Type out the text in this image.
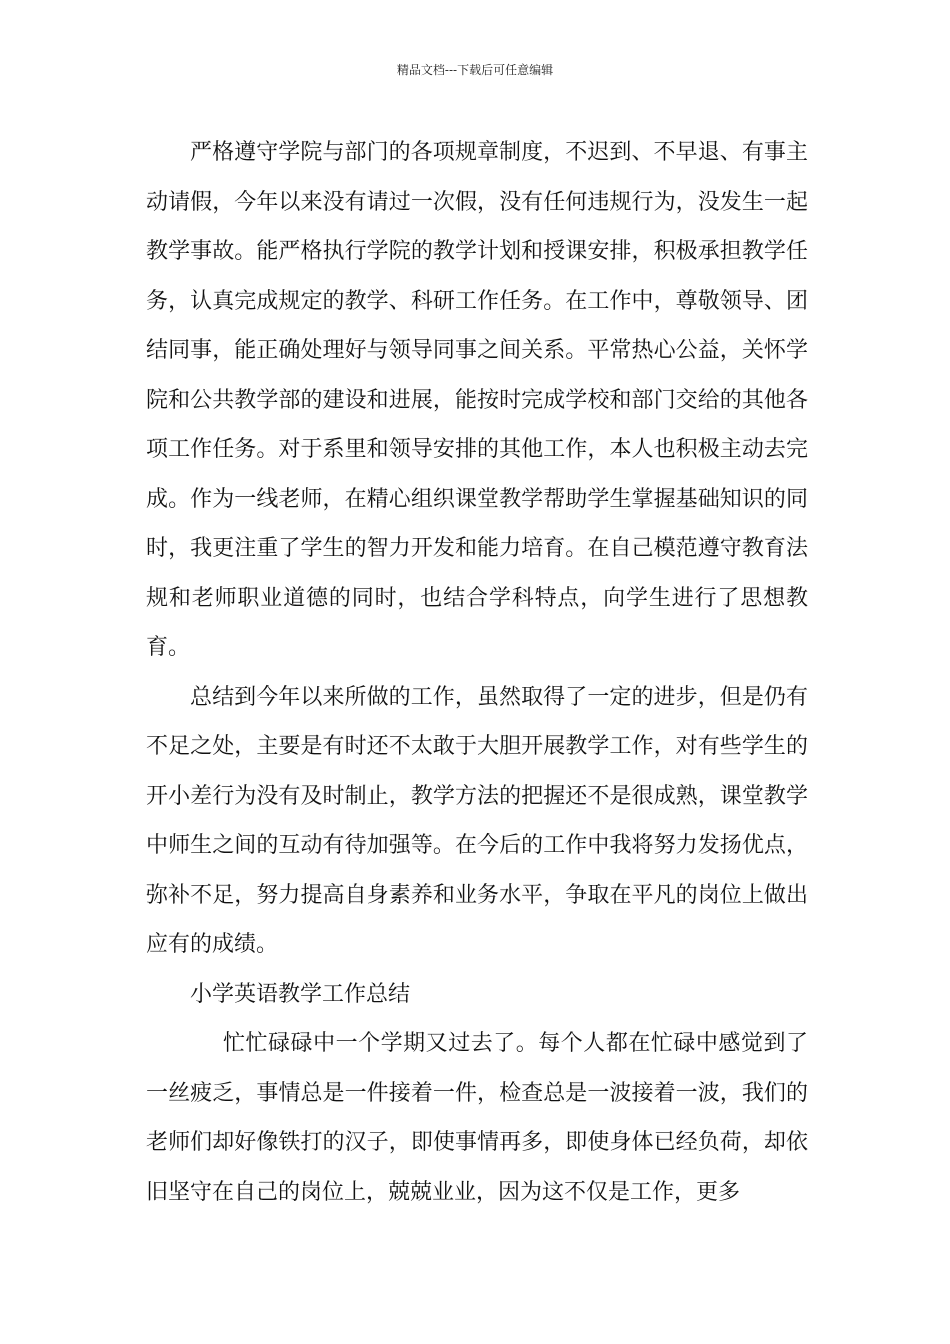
精品文档---下载后可任意编辑

严格遵守学院与部门的各项规章制度，不迟到、不早退、有事主动请假，今年以来没有请过一次假，没有任何违规行为，没发生一起教学事故。能严格执行学院的教学计划和授课安排，积极承担教学任务，认真完成规定的教学、科研工作任务。在工作中，尊敬领导、团结同事，能正确处理好与领导同事之间关系。平常热心公益，关怀学院和公共教学部的建设和进展，能按时完成学校和部门交给的其他各项工作任务。对于系里和领导安排的其他工作，本人也积极主动去完成。作为一线老师，在精心组织课堂教学帮助学生掌握基础知识的同时，我更注重了学生的智力开发和能力培育。在自己模范遵守教育法规和老师职业道德的同时，也结合学科特点，向学生进行了思想教育。

总结到今年以来所做的工作，虽然取得了一定的进步，但是仍有不足之处，主要是有时还不太敢于大胆开展教学工作，对有些学生的开小差行为没有及时制止，教学方法的把握还不是很成熟，课堂教学中师生之间的互动有待加强等。在今后的工作中我将努力发扬优点，弥补不足，努力提高自身素养和业务水平，争取在平凡的岗位上做出应有的成绩。

小学英语教学工作总结

忙忙碌碌中一个学期又过去了。每个人都在忙碌中感觉到了一丝疲乏，事情总是一件接着一件，检查总是一波接着一波，我们的老师们却好像铁打的汉子，即使事情再多，即使身体已经负荷，却依旧坚守在自己的岗位上，兢兢业业，因为这不仅是工作，更多
